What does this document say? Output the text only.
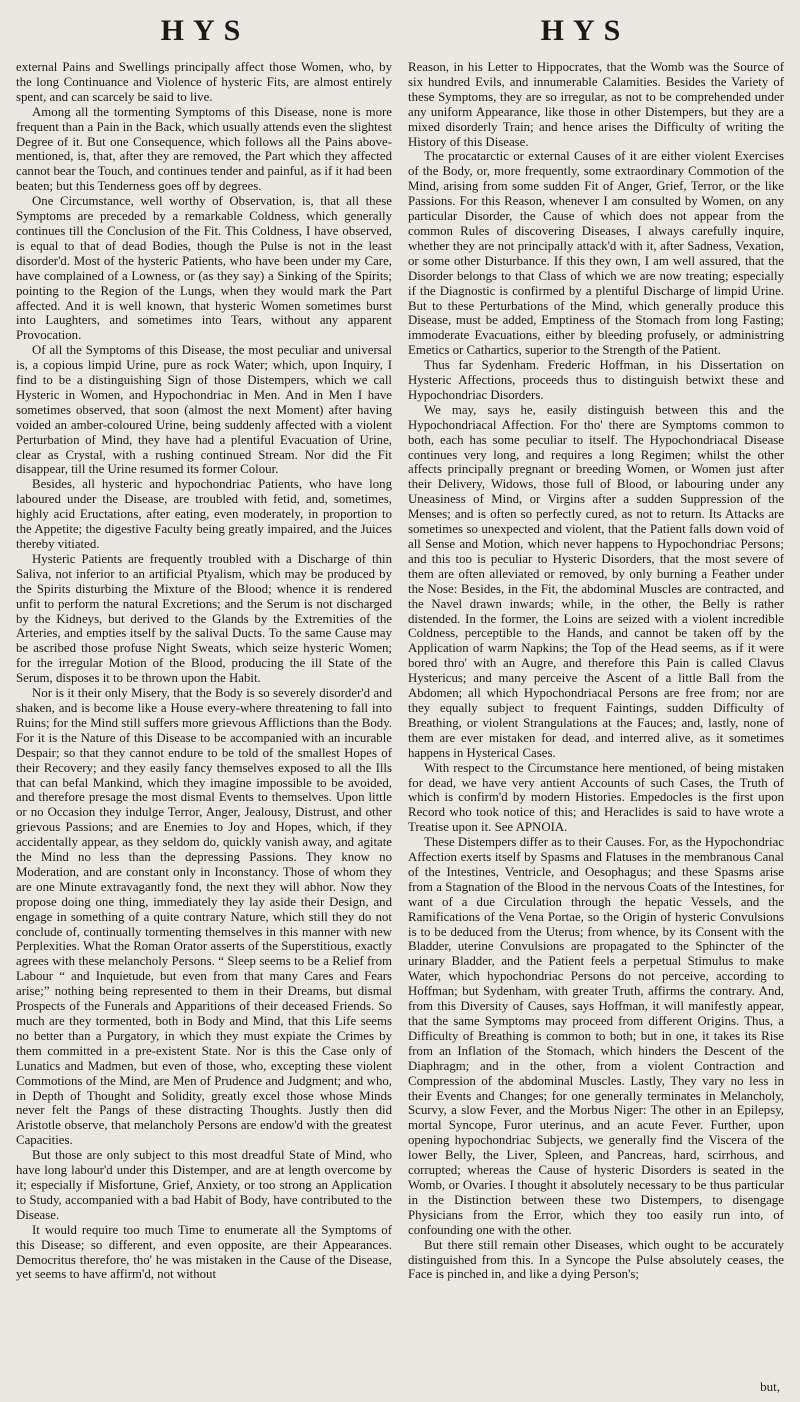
HYS	HYS

external Pains and Swellings principally affect those Women, who, by the long Continuance and Violence of hysteric Fits, are almost entirely spent, and can scarcely be said to live.

Among all the tormenting Symptoms of this Disease, none is more frequent than a Pain in the Back, which usually attends even the slightest Degree of it. But one Consequence, which follows all the Pains above-mentioned, is, that, after they are removed, the Part which they affected cannot bear the Touch, and continues tender and painful, as if it had been beaten; but this Tenderness goes off by degrees.

One Circumstance, well worthy of Observation, is, that all these Symptoms are preceded by a remarkable Coldness, which generally continues till the Conclusion of the Fit. This Coldness, I have observed, is equal to that of dead Bodies, though the Pulse is not in the least disorder'd. Most of the hysteric Patients, who have been under my Care, have complained of a Lowness, or (as they say) a Sinking of the Spirits; pointing to the Region of the Lungs, when they would mark the Part affected. And it is well known, that hysteric Women sometimes burst into Laughters, and sometimes into Tears, without any apparent Provocation.

Of all the Symptoms of this Disease, the most peculiar and universal is, a copious limpid Urine, pure as rock Water; which, upon Inquiry, I find to be a distinguishing Sign of those Distempers, which we call Hysteric in Women, and Hypochondriac in Men. And in Men I have sometimes observed, that soon (almost the next Moment) after having voided an amber-coloured Urine, being suddenly affected with a violent Perturbation of Mind, they have had a plentiful Evacuation of Urine, clear as Crystal, with a rushing continued Stream. Nor did the Fit disappear, till the Urine resumed its former Colour.

Besides, all hysteric and hypochondriac Patients, who have long laboured under the Disease, are troubled with fetid, and, sometimes, highly acid Eructations, after eating, even moderately, in proportion to the Appetite; the digestive Faculty being greatly impaired, and the Juices thereby vitiated.

Hysteric Patients are frequently troubled with a Discharge of thin Saliva, not inferior to an artificial Ptyalism, which may be produced by the Spirits disturbing the Mixture of the Blood; whence it is rendered unfit to perform the natural Excretions; and the Serum is not discharged by the Kidneys, but derived to the Glands by the Extremities of the Arteries, and empties itself by the salival Ducts. To the same Cause may be ascribed those profuse Night Sweats, which seize hysteric Women; for the irregular Motion of the Blood, producing the ill State of the Serum, disposes it to be thrown upon the Habit.

Nor is it their only Misery, that the Body is so severely disorder'd and shaken, and is become like a House every-where threatening to fall into Ruins; for the Mind still suffers more grievous Afflictions than the Body. For it is the Nature of this Disease to be accompanied with an incurable Despair; so that they cannot endure to be told of the smallest Hopes of their Recovery; and they easily fancy themselves exposed to all the Ills that can befal Mankind, which they imagine impossible to be avoided, and therefore presage the most dismal Events to themselves. Upon little or no Occasion they indulge Terror, Anger, Jealousy, Distrust, and other grievous Passions; and are Enemies to Joy and Hopes, which, if they accidentally appear, as they seldom do, quickly vanish away, and agitate the Mind no less than the depressing Passions. They know no Moderation, and are constant only in Inconstancy. Those of whom they are one Minute extravagantly fond, the next they will abhor. Now they propose doing one thing, immediately they lay aside their Design, and engage in something of a quite contrary Nature, which still they do not conclude of, continually tormenting themselves in this manner with new Perplexities. What the Roman Orator asserts of the Superstitious, exactly agrees with these melancholy Persons. “ Sleep seems to be a Relief from Labour “ and Inquietude, but even from that many Cares and Fears arise;” nothing being represented to them in their Dreams, but dismal Prospects of the Funerals and Apparitions of their deceased Friends. So much are they tormented, both in Body and Mind, that this Life seems no better than a Purgatory, in which they must expiate the Crimes by them committed in a pre-existent State. Nor is this the Case only of Lunatics and Madmen, but even of those, who, excepting these violent Commotions of the Mind, are Men of Prudence and Judgment; and who, in Depth of Thought and Solidity, greatly excel those whose Minds never felt the Pangs of these distracting Thoughts. Justly then did Aristotle observe, that melancholy Persons are endow'd with the greatest Capacities.

But those are only subject to this most dreadful State of Mind, who have long labour'd under this Distemper, and are at length overcome by it; especially if Misfortune, Grief, Anxiety, or too strong an Application to Study, accompanied with a bad Habit of Body, have contributed to the Disease.

It would require too much Time to enumerate all the Symptoms of this Disease; so different, and even opposite, are their Appearances. Democritus therefore, tho' he was mistaken in the Cause of the Disease, yet seems to have affirm'd, not without

Reason, in his Letter to Hippocrates, that the Womb was the Source of six hundred Evils, and innumerable Calamities. Besides the Variety of these Symptoms, they are so irregular, as not to be comprehended under any uniform Appearance, like those in other Distempers, but they are a mixed disorderly Train; and hence arises the Difficulty of writing the History of this Disease.

The procatarctic or external Causes of it are either violent Exercises of the Body, or, more frequently, some extraordinary Commotion of the Mind, arising from some sudden Fit of Anger, Grief, Terror, or the like Passions. For this Reason, whenever I am consulted by Women, on any particular Disorder, the Cause of which does not appear from the common Rules of discovering Diseases, I always carefully inquire, whether they are not principally attack'd with it, after Sadness, Vexation, or some other Disturbance. If this they own, I am well assured, that the Disorder belongs to that Class of which we are now treating; especially if the Diagnostic is confirmed by a plentiful Discharge of limpid Urine. But to these Perturbations of the Mind, which generally produce this Disease, must be added, Emptiness of the Stomach from long Fasting; immoderate Evacuations, either by bleeding profusely, or administring Emetics or Cathartics, superior to the Strength of the Patient.

Thus far Sydenham. Frederic Hoffman, in his Dissertation on Hysteric Affections, proceeds thus to distinguish betwixt these and Hypochondriac Disorders.

We may, says he, easily distinguish between this and the Hypochondriacal Affection. For tho' there are Symptoms common to both, each has some peculiar to itself. The Hypochondriacal Disease continues very long, and requires a long Regimen; whilst the other affects principally pregnant or breeding Women, or Women just after their Delivery, Widows, those full of Blood, or labouring under any Uneasiness of Mind, or Virgins after a sudden Suppression of the Menses; and is often so perfectly cured, as not to return. Its Attacks are sometimes so unexpected and violent, that the Patient falls down void of all Sense and Motion, which never happens to Hypochondriac Persons; and this too is peculiar to Hysteric Disorders, that the most severe of them are often alleviated or removed, by only burning a Feather under the Nose: Besides, in the Fit, the abdominal Muscles are contracted, and the Navel drawn inwards; while, in the other, the Belly is rather distended. In the former, the Loins are seized with a violent incredible Coldness, perceptible to the Hands, and cannot be taken off by the Application of warm Napkins; the Top of the Head seems, as if it were bored thro' with an Augre, and therefore this Pain is called Clavus Hystericus; and many perceive the Ascent of a little Ball from the Abdomen; all which Hypochondriacal Persons are free from; nor are they equally subject to frequent Faintings, sudden Difficulty of Breathing, or violent Strangulations at the Fauces; and, lastly, none of them are ever mistaken for dead, and interred alive, as it sometimes happens in Hysterical Cases.

With respect to the Circumstance here mentioned, of being mistaken for dead, we have very antient Accounts of such Cases, the Truth of which is confirm'd by modern Histories. Empedocles is the first upon Record who took notice of this; and Heraclides is said to have wrote a Treatise upon it. See APNOIA.

These Distempers differ as to their Causes. For, as the Hypochondriac Affection exerts itself by Spasms and Flatuses in the membranous Canal of the Intestines, Ventricle, and Oesophagus; and these Spasms arise from a Stagnation of the Blood in the nervous Coats of the Intestines, for want of a due Circulation through the hepatic Vessels, and the Ramifications of the Vena Portae, so the Origin of hysteric Convulsions is to be deduced from the Uterus; from whence, by its Consent with the Bladder, uterine Convulsions are propagated to the Sphincter of the urinary Bladder, and the Patient feels a perpetual Stimulus to make Water, which hypochondriac Persons do not perceive, according to Hoffman; but Sydenham, with greater Truth, affirms the contrary. And, from this Diversity of Causes, says Hoffman, it will manifestly appear, that the same Symptoms may proceed from different Origins. Thus, a Difficulty of Breathing is common to both; but in one, it takes its Rise from an Inflation of the Stomach, which hinders the Descent of the Diaphragm; and in the other, from a violent Contraction and Compression of the abdominal Muscles. Lastly, They vary no less in their Events and Changes; for one generally terminates in Melancholy, Scurvy, a slow Fever, and the Morbus Niger: The other in an Epilepsy, mortal Syncope, Furor uterinus, and an acute Fever. Further, upon opening hypochondriac Subjects, we generally find the Viscera of the lower Belly, the Liver, Spleen, and Pancreas, hard, scirrhous, and corrupted; whereas the Cause of hysteric Disorders is seated in the Womb, or Ovaries. I thought it absolutely necessary to be thus particular in the Distinction between these two Distempers, to disengage Physicians from the Error, which they too easily run into, of confounding one with the other.

But there still remain other Diseases, which ought to be accurately distinguished from this. In a Syncope the Pulse absolutely ceases, the Face is pinched in, and like a dying Person's;

but,
